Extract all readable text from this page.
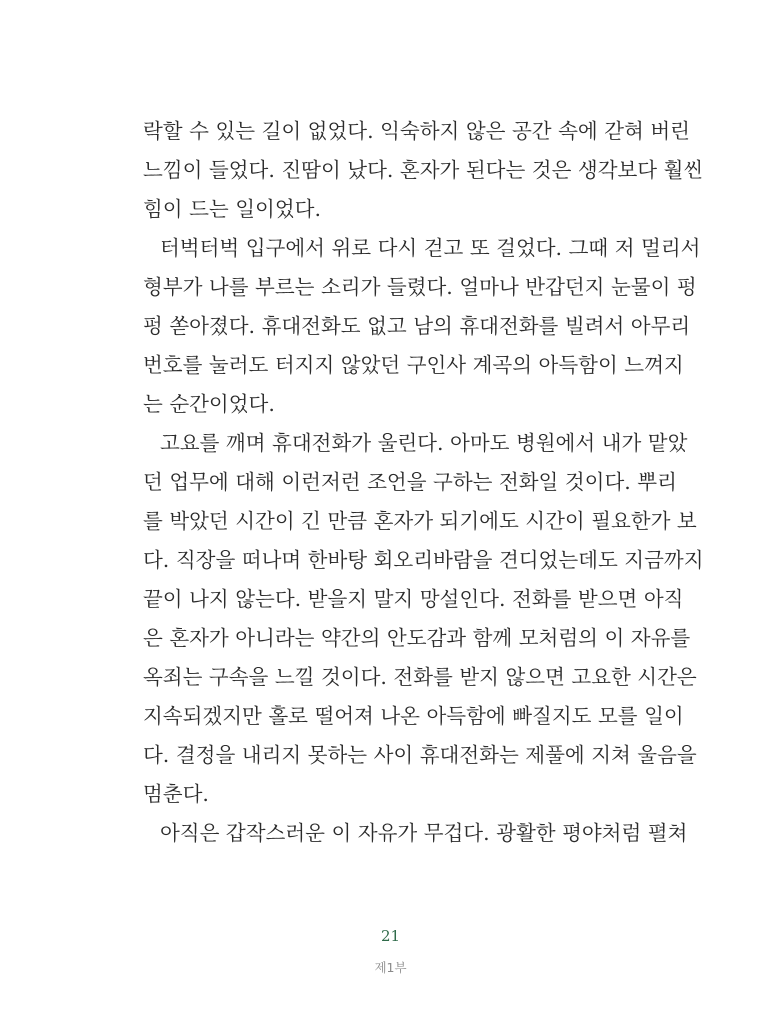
락할 수 있는 길이 없었다. 익숙하지 않은 공간 속에 갇혀 버린
느낌이 들었다. 진땀이 났다. 혼자가 된다는 것은 생각보다 훨씬
힘이 드는 일이었다.
터벅터벅 입구에서 위로 다시 걷고 또 걸었다. 그때 저 멀리서
형부가 나를 부르는 소리가 들렸다. 얼마나 반갑던지 눈물이 펑
펑 쏟아졌다. 휴대전화도 없고 남의 휴대전화를 빌려서 아무리
번호를 눌러도 터지지 않았던 구인사 계곡의 아득함이 느껴지
는 순간이었다.
고요를 깨며 휴대전화가 울린다. 아마도 병원에서 내가 맡았
던 업무에 대해 이런저런 조언을 구하는 전화일 것이다. 뿌리
를 박았던 시간이 긴 만큼 혼자가 되기에도 시간이 필요한가 보
다. 직장을 떠나며 한바탕 회오리바람을 견디었는데도 지금까지
끝이 나지 않는다. 받을지 말지 망설인다. 전화를 받으면 아직
은 혼자가 아니라는 약간의 안도감과 함께 모처럼의 이 자유를
옥죄는 구속을 느낄 것이다. 전화를 받지 않으면 고요한 시간은
지속되겠지만 홀로 떨어져 나온 아득함에 빠질지도 모를 일이
다. 결정을 내리지 못하는 사이 휴대전화는 제풀에 지쳐 울음을
멈춘다.
아직은 갑작스러운 이 자유가 무겁다. 광활한 평야처럼 펼쳐
21
제1부
